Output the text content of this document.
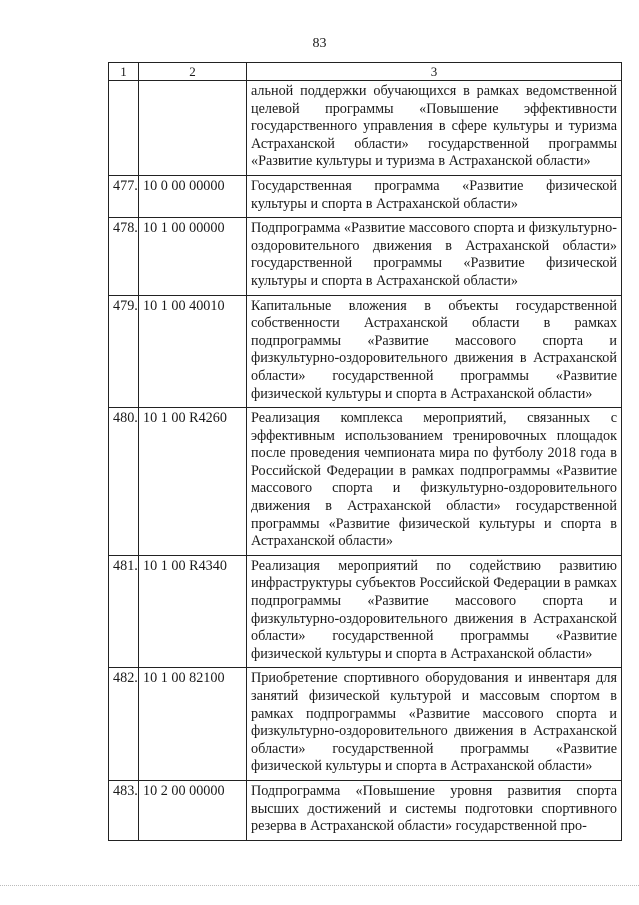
83
1	2	3
		альной поддержки обучающихся в рамках ведомственной целевой программы «Повышение эффективности государственного управления в сфере культуры и туризма Астраханской области» государственной программы «Развитие культуры и туризма в Астраханской области»
477.	10 0 00 00000	Государственная программа «Развитие физической культуры и спорта в Астраханской области»
478.	10 1 00 00000	Подпрограмма «Развитие массового спорта и физкультурно-оздоровительного движения в Астраханской области» государственной программы «Развитие физической культуры и спорта в Астраханской области»
479.	10 1 00 40010	Капитальные вложения в объекты государственной собственности Астраханской области в рамках подпрограммы «Развитие массового спорта и физкультурно-оздоровительного движения в Астраханской области» государственной программы «Развитие физической культуры и спорта в Астраханской области»
480.	10 1 00 R4260	Реализация комплекса мероприятий, связанных с эффективным использованием тренировочных площадок после проведения чемпионата мира по футболу 2018 года в Российской Федерации в рамках подпрограммы «Развитие массового спорта и физкультурно-оздоровительного движения в Астраханской области» государственной программы «Развитие физической культуры и спорта в Астраханской области»
481.	10 1 00 R4340	Реализация мероприятий по содействию развитию инфраструктуры субъектов Российской Федерации в рамках подпрограммы «Развитие массового спорта и физкультурно-оздоровительного движения в Астраханской области» государственной программы «Развитие физической культуры и спорта в Астраханской области»
482.	10 1 00 82100	Приобретение спортивного оборудования и инвентаря для занятий физической культурой и массовым спортом в рамках подпрограммы «Развитие массового спорта и физкультурно-оздоровительного движения в Астраханской области» государственной программы «Развитие физической культуры и спорта в Астраханской области»
483.	10 2 00 00000	Подпрограмма «Повышение уровня развития спорта высших достижений и системы подготовки спортивного резерва в Астраханской области» государственной про-
